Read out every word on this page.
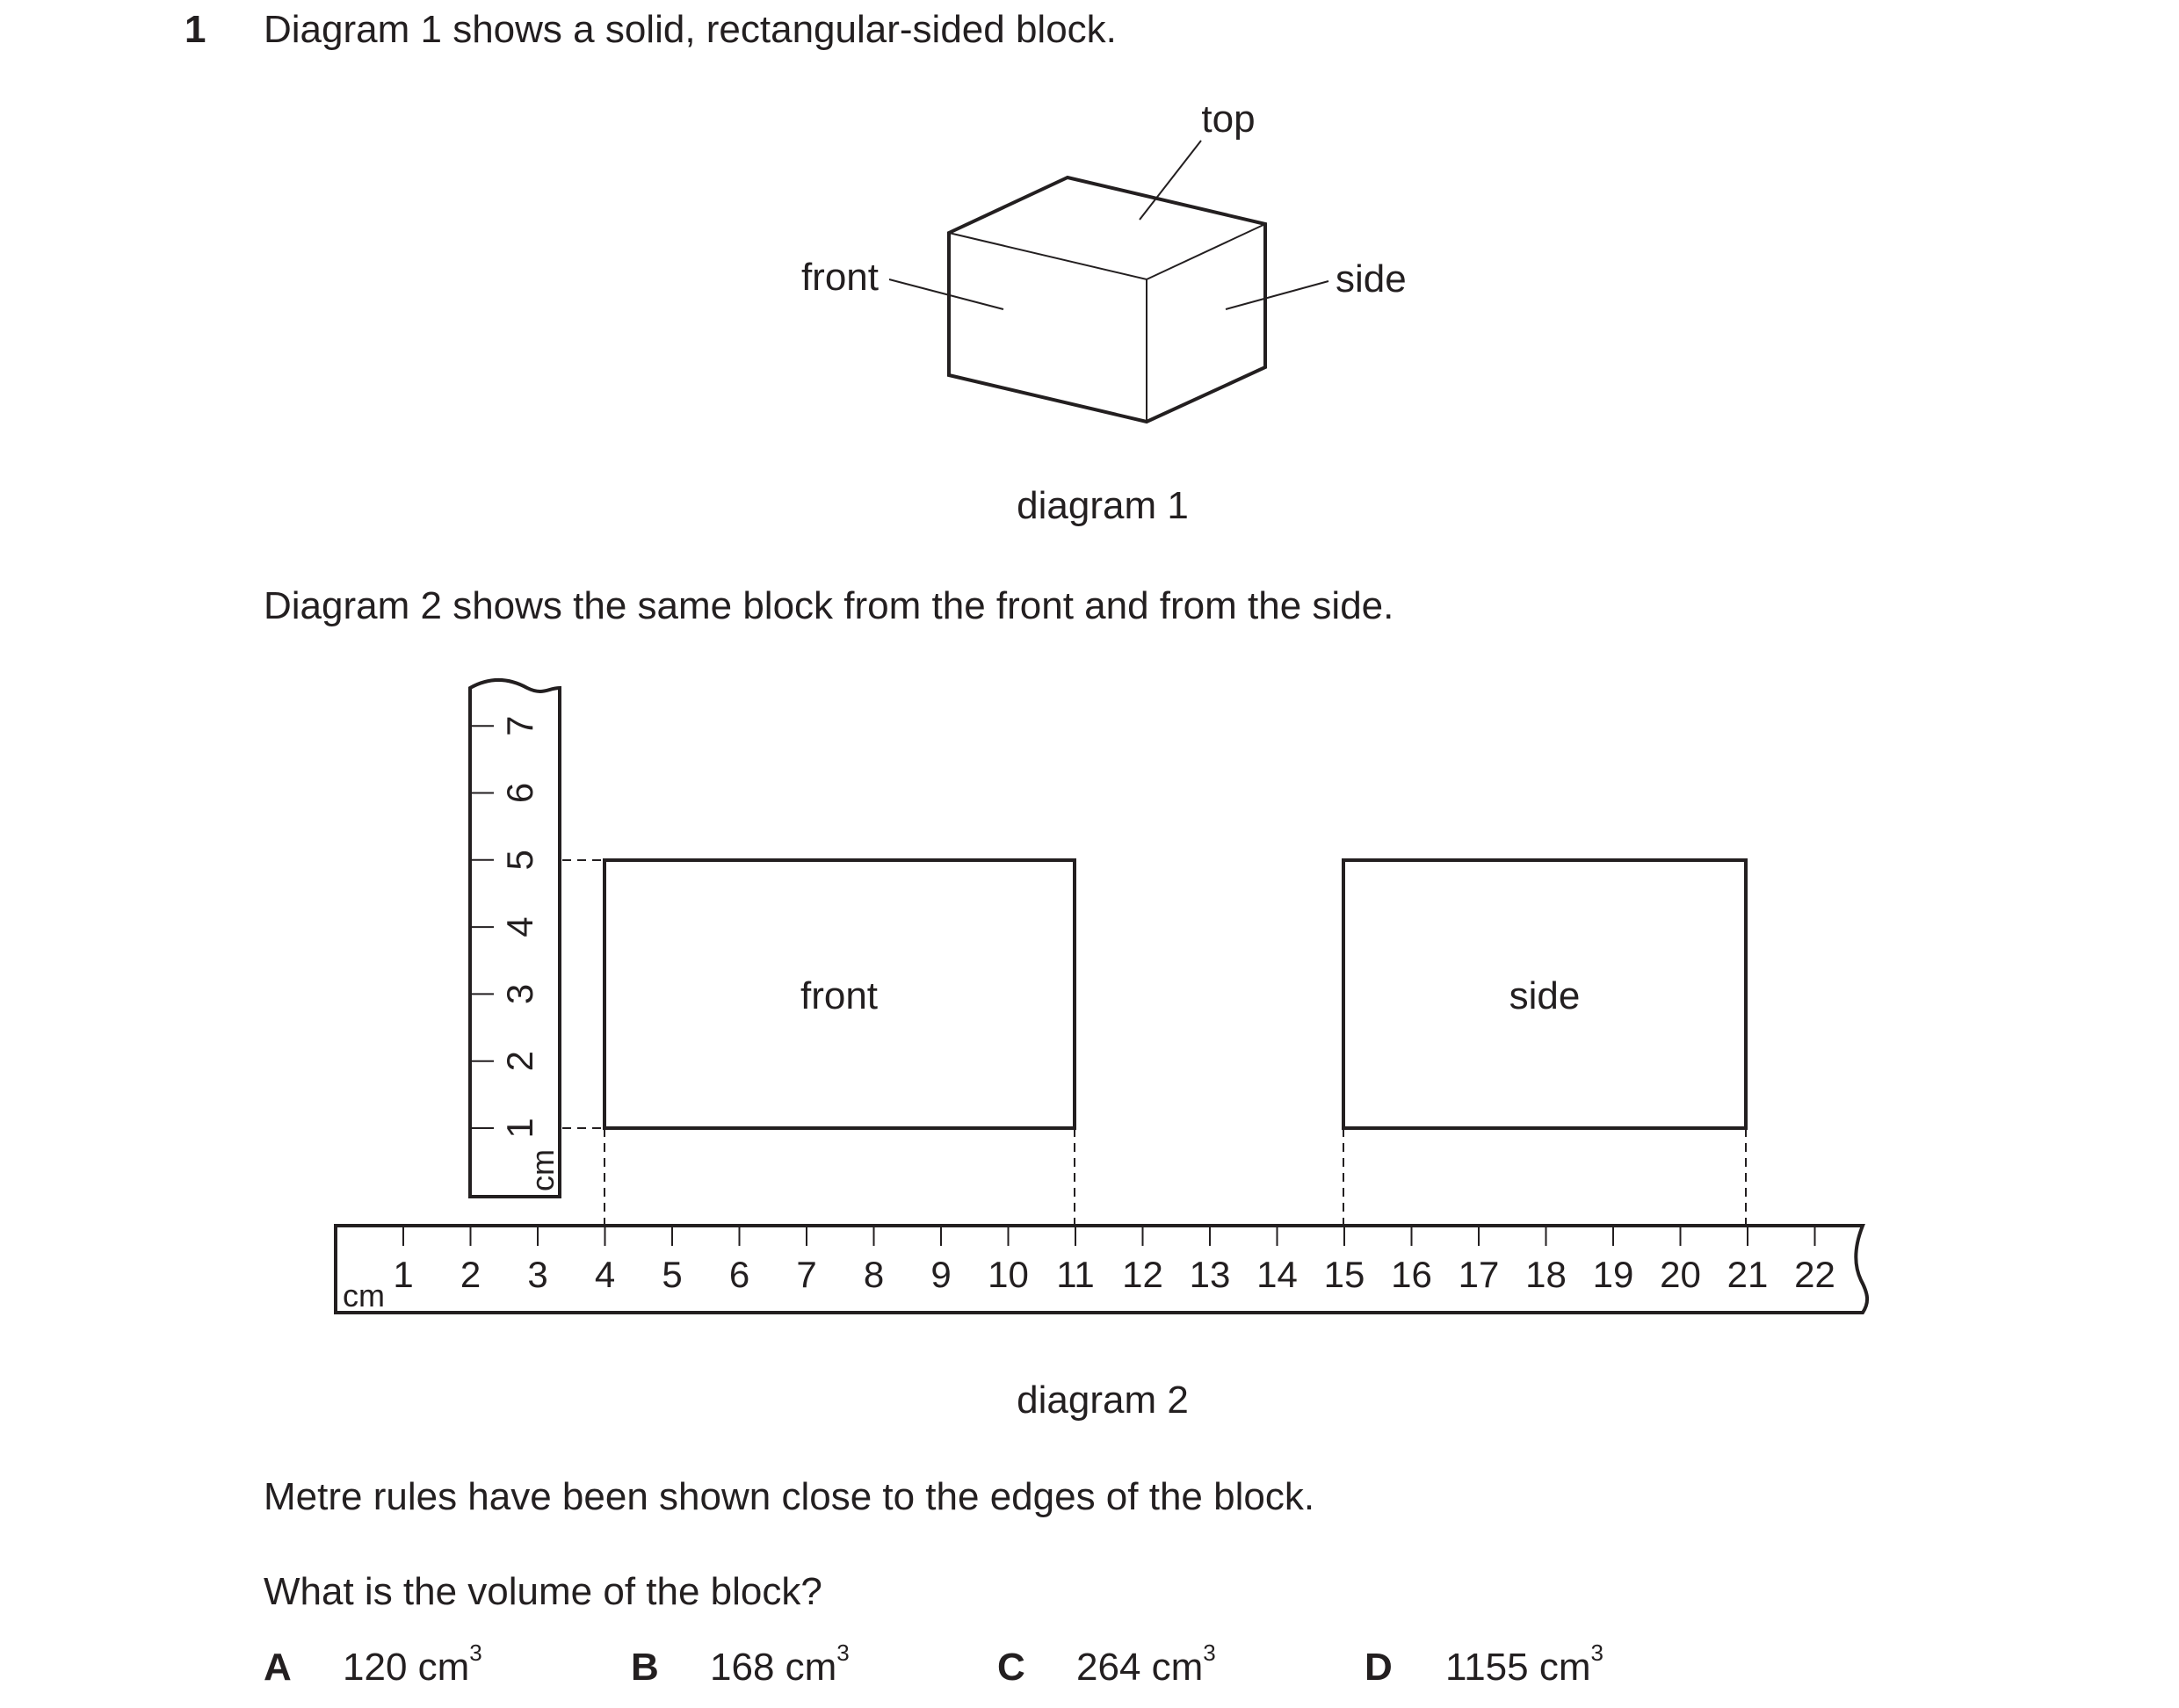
1 Diagram 1 shows a solid, rectangular-sided block.
Diagram 2 shows the same block from the front and from the side.
Metre rules have been shown close to the edges of the block.
What is the volume of the block?
top
front	side
diagram 1
1
2
3
4
5
6
7
cm
front	side
1 2 3 4 5 6 7 8 9 10 11 12 13 14 15 16 17 18 19 20 21 22
cm
diagram 2
A 120 $cm^3$	B 168 $cm^3$	C 264 $cm^3$	D 1155 $cm^3$
